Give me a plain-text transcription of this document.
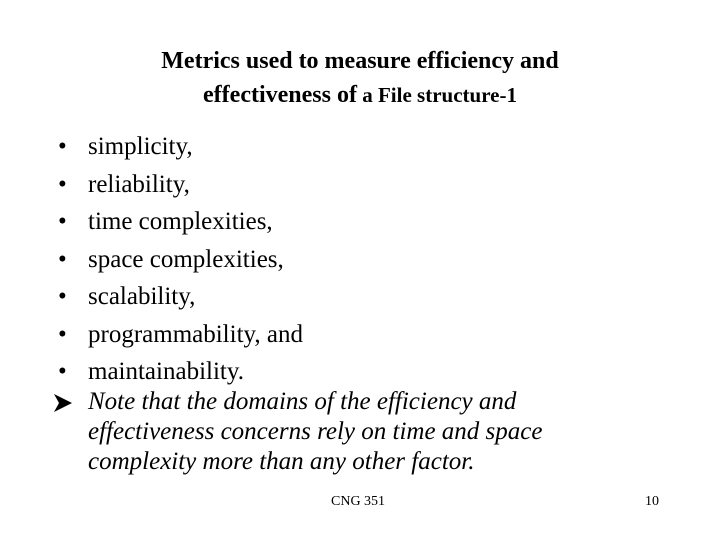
Metrics used to measure efficiency and
effectiveness of a File structure-1
• simplicity,
• reliability,
• time complexities,
• space complexities,
• scalability,
• programmability, and
• maintainability.
Note that the domains of the efficiency and effectiveness concerns rely on time and space complexity more than any other factor.
CNG 351	10
